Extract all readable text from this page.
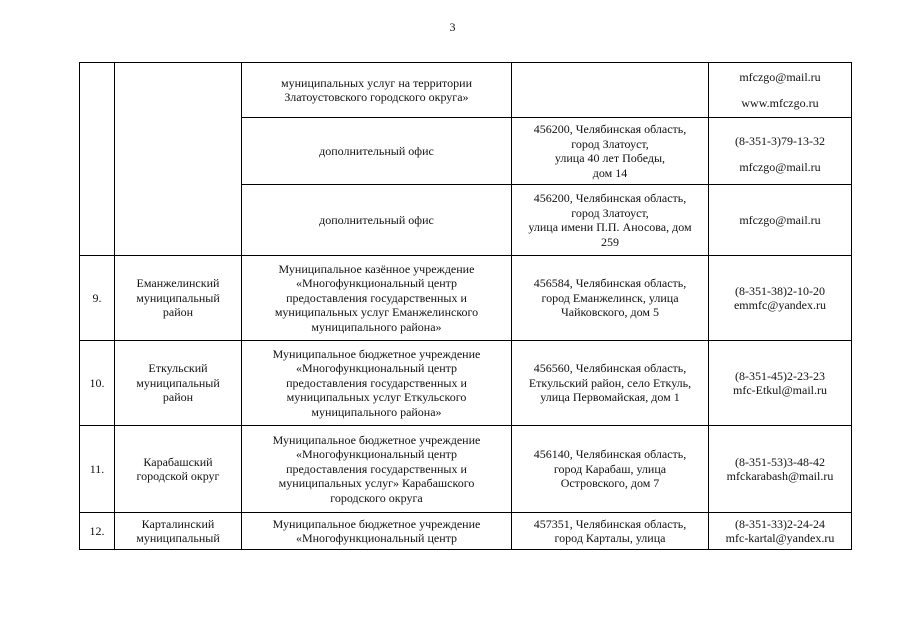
3

		муниципальных услуг на территории
Златоустовского городского округа»		mfczgo@mail.ru
www.mfczgo.ru

		дополнительный офис	456200, Челябинская область,
город Златоуст,
улица 40 лет Победы,
дом 14	(8-351-3)79-13-32
mfczgo@mail.ru

		дополнительный офис	456200, Челябинская область,
город Златоуст,
улица имени П.П. Аносова, дом
259	mfczgo@mail.ru

9.	Еманжелинский
муниципальный
район	Муниципальное казённое учреждение
«Многофункциональный центр
предоставления государственных и
муниципальных услуг Еманжелинского
муниципального района»	456584, Челябинская область,
город Еманжелинск, улица
Чайковского, дом 5	(8-351-38)2-10-20
emmfc@yandex.ru

10.	Еткульский
муниципальный
район	Муниципальное бюджетное учреждение
«Многофункциональный центр
предоставления государственных и
муниципальных услуг Еткульского
муниципального района»	456560, Челябинская область,
Еткульский район, село Еткуль,
улица Первомайская, дом 1	(8-351-45)2-23-23
mfc-Etkul@mail.ru

11.	Карабашский
городской округ	Муниципальное бюджетное учреждение
«Многофункциональный центр
предоставления государственных и
муниципальных услуг» Карабашского
городского округа	456140, Челябинская область,
город Карабаш, улица
Островского, дом 7	(8-351-53)3-48-42
mfckarabash@mail.ru

12.	Карталинский
муниципальный	Муниципальное бюджетное учреждение
«Многофункциональный центр	457351, Челябинская область,
город Карталы, улица	(8-351-33)2-24-24
mfc-kartal@yandex.ru
